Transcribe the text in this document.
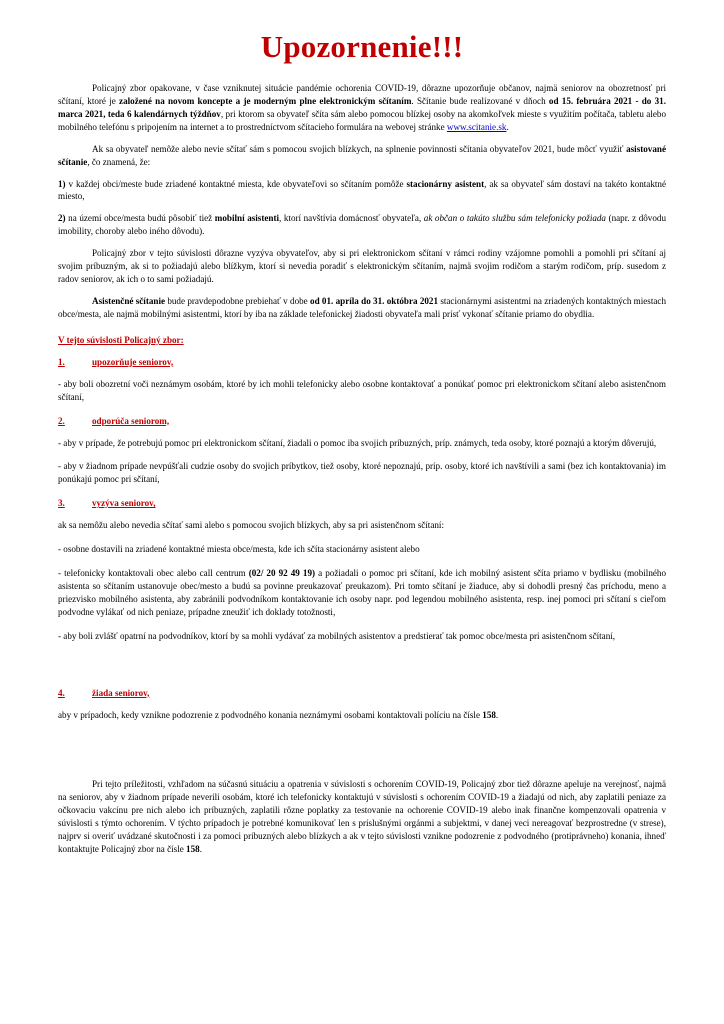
Upozornenie!!!

Policajný zbor opakovane, v čase vzniknutej situácie pandémie ochorenia COVID-19, dôrazne upozorňuje občanov, najmä seniorov na obozretnosť pri sčítaní, ktoré je založené na novom koncepte a je moderným plne elektronickým sčítaním. Sčítanie bude realizované v dňoch od 15. februára 2021 - do 31. marca 2021, teda 6 kalendárnych týždňov, pri ktorom sa obyvateľ sčíta sám alebo pomocou blízkej osoby na akomkoľvek mieste s využitím počítača, tabletu alebo mobilného telefónu s pripojením na internet a to prostredníctvom sčítacieho formulára na webovej stránke www.scitanie.sk.

Ak sa obyvateľ nemôže alebo nevie sčítať sám s pomocou svojich blízkych, na splnenie povinnosti sčítania obyvateľov 2021, bude môcť využiť asistované sčítanie, čo znamená, že:

1) v každej obci/meste bude zriadené kontaktné miesta, kde obyvateľovi so sčítaním pomôže stacionárny asistent, ak sa obyvateľ sám dostaví na takéto kontaktné miesto,

2) na území obce/mesta budú pôsobiť tiež mobilní asistenti, ktorí navštívia domácnosť obyvateľa, ak občan o takúto službu sám telefonicky požiada (napr. z dôvodu imobility, choroby alebo iného dôvodu).

Policajný zbor v tejto súvislosti dôrazne vyzýva obyvateľov, aby si pri elektronickom sčítaní v rámci rodiny vzájomne pomohli a pomohli pri sčítaní aj svojim príbuzným, ak si to požiadajú alebo blížkym, ktorí si nevedia poradiť s elektronickým sčítaním, najmä svojim rodičom a starým rodičom, príp. susedom z radov seniorov, ak ich o to sami požiadajú.

Asistenčné sčítanie bude pravdepodobne prebiehať v dobe od 01. apríla do 31. októbra 2021 stacionárnymi asistentmi na zriadených kontaktných miestach obce/mesta, ale najmä mobilnými asistentmi, ktorí by iba na základe telefonickej žiadosti obyvateľa mali prísť vykonať sčítanie priamo do obydlia.

V tejto súvislosti Policajný zbor:
1.	upozorňuje seniorov,

- aby boli obozretní voči neznámym osobám, ktoré by ich mohli telefonicky alebo osobne kontaktovať a ponúkať pomoc pri elektronickom sčítaní alebo asistenčnom sčítaní,

2.	odporúča seniorom,

- aby v prípade, že potrebujú pomoc pri elektronickom sčítaní, žiadali o pomoc iba svojich príbuzných, príp. známych, teda osoby, ktoré poznajú a ktorým dôverujú,

- aby v žiadnom prípade nevpúšťali cudzie osoby do svojich príbytkov, tiež osoby, ktoré nepoznajú, príp. osoby, ktoré ich navštívili a sami (bez ich kontaktovania) im ponúkajú pomoc pri sčítaní,

3.	vyzýva seniorov,

ak sa nemôžu alebo nevedia sčítať sami alebo s pomocou svojich blízkych, aby sa pri asistenčnom sčítaní:

- osobne dostavili na zriadené kontaktné miesta obce/mesta, kde ich sčíta stacionárny asistent alebo

- telefonicky kontaktovali obec alebo call centrum (02/ 20 92 49 19) a požiadali o pomoc pri sčítaní, kde ich mobilný asistent sčíta priamo v bydlisku (mobilného asistenta so sčítaním ustanovuje obec/mesto a budú sa povinne preukazovať preukazom). Pri tomto sčítaní je žiaduce, aby si dohodli presný čas príchodu, meno a priezvisko mobilného asistenta, aby zabránili podvodníkom kontaktovanie ich osoby napr. pod legendou mobilného asistenta, resp. inej pomoci pri sčítaní s cieľom podvodne vylákať od nich peniaze, prípadne zneužiť ich doklady totožnosti,

- aby boli zvlášť opatrní na podvodníkov, ktorí by sa mohli vydávať za mobilných asistentov a predstierať tak pomoc obce/mesta pri asistenčnom sčítaní,

4.	žiada seniorov,

aby v prípadoch, kedy vznikne podozrenie z podvodného konania neznámymi osobami kontaktovali políciu na čísle 158.

Pri tejto príležitosti, vzhľadom na súčasnú situáciu a opatrenia v súvislosti s ochorením COVID-19, Policajný zbor tiež dôrazne apeluje na verejnosť, najmä na seniorov, aby v žiadnom prípade neverili osobám, ktoré ich telefonicky kontaktujú v súvislosti s ochorením COVID-19 a žiadajú od nich, aby zaplatili peniaze za očkovaciu vakcínu pre nich alebo ich príbuzných, zaplatili rôzne poplatky za testovanie na ochorenie COVID-19 alebo inak finančne kompenzovali opatrenia v súvislosti s týmto ochorením. V týchto prípadoch je potrebné komunikovať len s príslušnými orgánmi a subjektmi, v danej veci nereagovať bezprostredne (v strese), najprv si overiť uvádzané skutočnosti i za pomoci príbuzných alebo blízkych a ak v tejto súvislosti vznikne podozrenie z podvodného (protiprávneho) konania, ihneď kontaktujte Policajný zbor na čísle 158.
